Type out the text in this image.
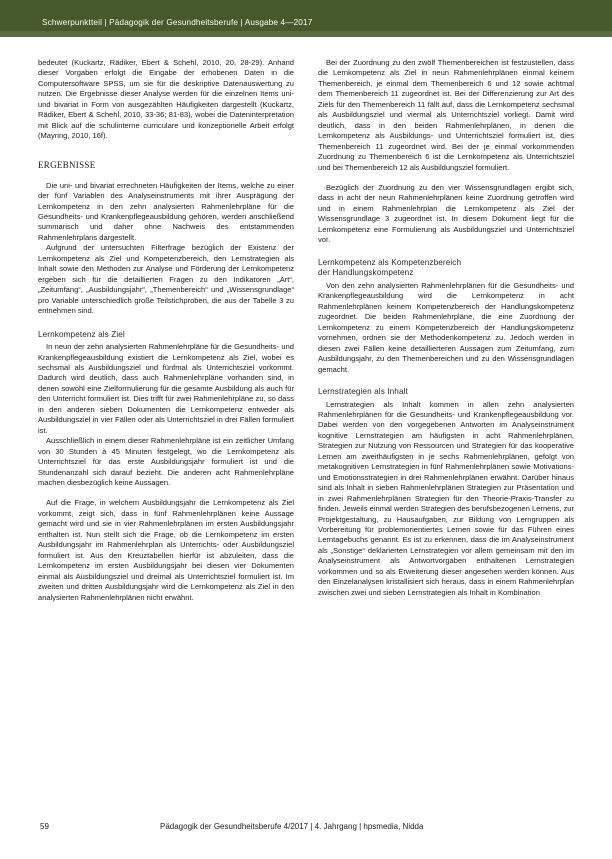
Schwerpunktteil | Pädagogik der Gesundheitsberufe | Ausgabe 4—2017

bedeutet (Kuckartz, Rädiker, Ebert & Schehl, 2010, 20, 28-29). Anhand dieser Vorgaben erfolgt die Eingabe der erhobenen Daten in die Computersoftware SPSS, um sie für die deskriptive Datenauswertung zu nutzen. Die Ergebnisse dieser Analyse werden für die einzelnen Items uni- und bivariat in Form von ausgezählten Häufigkeiten dargestellt (Kuckartz, Rädiker, Ebert & Schehl, 2010, 33-36; 81-83), wobei die Dateninterpretation mit Blick auf die schulinterne curriculare und konzeptionelle Arbeit erfolgt (Mayring, 2010, 16f).

ergebnisse

Die uni- und bivariat errechneten Häufigkeiten der Items, welche zu einer der fünf Variablen des Analyseinstruments mit ihrer Ausprägung der Lernkompetenz in den zehn analysierten Rahmenlehrpläne für die Gesundheits- und Krankenpflegeausbildung gehören, werden anschließend summarisch und daher ohne Nachweis des entstammenden Rahmenlehrplans dargestellt.

Aufgrund der untersuchten Filterfrage bezüglich der Existenz der Lernkompetenz als Ziel und Kompetenzbereich, den Lernstrategien als Inhalt sowie den Methoden zur Analyse und Förderung der Lernkompetenz ergeben sich für die detaillierten Fragen zu den Indikatoren „Art“, „Zeitumfang“, „Ausbildungsjahr“, „Themenbereich“ und „Wissensgrundlage“ pro Variable unterschiedlich große Teilstichproben, die aus der Tabelle 3 zu entnehmen sind.

Lernkompetenz als Ziel

In neun der zehn analysierten Rahmenlehrpläne für die Gesundheits- und Krankenpflegeausbildung existiert die Lernkompetenz als Ziel, wobei es sechsmal als Ausbildungsziel und fünfmal als Unterrichtsziel vorkommt. Dadurch wird deutlich, dass auch Rahmenlehrpläne vorhanden sind, in denen sowohl eine Zielformulierung für die gesamte Ausbildung als auch für den Unterricht formuliert ist. Dies trifft für zwei Rahmenlehrpläne zu, so dass in den anderen sieben Dokumenten die Lernkompetenz entweder als Ausbildungsziel in vier Fällen oder als Unterrichtsziel in drei Fällen formuliert ist.

Ausschließlich in einem dieser Rahmenlehrpläne ist ein zeitlicher Umfang von 30 Stunden à 45 Minuten festgelegt, wo die Lernkompetenz als Unterrichtsziel für das erste Ausbildungsjahr formuliert ist und die Stundenanzahl sich darauf bezieht. Die anderen acht Rahmenlehrpläne machen diesbezüglich keine Aussagen.

Auf die Frage, in welchem Ausbildungsjahr die Lernkompetenz als Ziel vorkommt, zeigt sich, dass in fünf Rahmenlehrplänen keine Aussage gemacht wird und sie in vier Rahmenlehrplänen im ersten Ausbildungsjahr enthalten ist. Nun stellt sich die Frage, ob die Lernkompetenz im ersten Ausbildungsjahr im Rahmenlehrplan als Unterrichts- oder Ausbildungsziel formuliert ist. Aus den Kreuztabellen hierfür ist abzuleiten, dass die Lernkompetenz im ersten Ausbildungsjahr bei diesen vier Dokumenten einmal als Ausbildungsziel und dreimal als Unterrichtsziel formuliert ist. Im zweiten und dritten Ausbildungsjahr wird die Lernkompetenz als Ziel in den analysierten Rahmenlehrplänen nicht erwähnt.

Bei der Zuordnung zu den zwölf Themenbereichen ist festzustellen, dass die Lernkompetenz als Ziel in neun Rahmenlehrplänen einmal keinem Themenbereich, je einmal dem Themenbereich 6 und 12 sowie achtmal dem Themenbereich 11 zugeordnet ist. Bei der Differenzierung zur Art des Ziels für den Themenbereich 11 fällt auf, dass die Lernkompetenz sechsmal als Ausbildungsziel und viermal als Unterrichtsziel vorliegt. Damit wird deutlich, dass in den beiden Rahmenlehrplänen, in denen die Lernkompetenz als Ausbildungs- und Unterrichtsziel formuliert ist, dies Themenbereich 11 zugeordnet wird. Bei der je einmal vorkommenden Zuordnung zu Themenbereich 6 ist die Lernkompetenz als Unterrichtsziel und bei Themenbereich 12 als Ausbildungsziel formuliert.

Bezüglich der Zuordnung zu den vier Wissensgrundlagen ergibt sich, dass in acht der neun Rahmenlehrplänen keine Zuordnung getroffen wird und in einem Rahmenlehrplan die Lernkompetenz als Ziel der Wissensgrundlage 3 zugeordnet ist. In diesem Dokument liegt für die Lernkompetenz eine Formulierung als Ausbildungsziel und Unterrichtsziel vor.

Lernkompetenz als Kompetenzbereich
der Handlungskompetenz

Von den zehn analysierten Rahmenlehrplänen für die Gesundheits- und Krankenpflegeausbildung wird die Lernkompetenz in acht Rahmenlehrplänen keinem Kompetenzbereich der Handlungskompetenz zugeordnet. Die beiden Rahmenlehrpläne, die eine Zuordnung der Lernkompetenz zu einem Kompetenzbereich der Handlungskompetenz vornehmen, ordnen sie der Methodenkompetenz zu. Jedoch werden in diesen zwei Fällen keine detaillierteren Aussagen zum Zeitumfang, zum Ausbildungsjahr, zu den Themenbereichen und zu den Wissensgrundlagen gemacht.

Lernstrategien als Inhalt

Lernstrategien als Inhalt kommen in allen zehn analysierten Rahmenlehrplänen für die Gesundheits- und Krankenpflegeausbildung vor. Dabei werden von den vorgegebenen Antworten im Analyseinstrument kognitive Lernstrategien am häufigsten in acht Rahmenlehrplänen, Strategien zur Nutzung von Ressourcen und Strategien für das kooperative Lernen am zweithäufigsten in je sechs Rahmenlehrplänen, gefolgt von metakognitiven Lernstrategien in fünf Rahmenlehrplänen sowie Motivations- und Emotionsstrategien in drei Rahmenlehrplänen erwähnt. Darüber hinaus sind als Inhalt in sieben Rahmenlehrplänen Strategien zur Präsentation und in zwei Rahmenlehrplänen Strategien für den Theorie-Praxis-Transfer zu finden. Jeweils einmal werden Strategien des berufsbezogenen Lernens, zur Projektgestaltung, zu Hausaufgaben, zur Bildung von Lerngruppen als Vorbereitung für problemorientiertes Lernen sowie für das Führen eines Lerntagebuchs genannt. Es ist zu erkennen, dass die im Analyseinstrument als „Sonstige“ deklarierten Lernstrategien vor allem gemeinsam mit den im Analyseinstrument als Antwortvorgaben enthaltenen Lernstrategien vorkommen und so als Erweiterung dieser angesehen werden können. Aus den Einzelanalysen kristallisiert sich heraus, dass in einem Rahmenlehrplan zwischen zwei und sieben Lernstrategien als Inhalt in Kombination

59	Pädagogik der Gesundheitsberufe 4/2017 | 4. Jahrgang | hpsmedia, Nidda
